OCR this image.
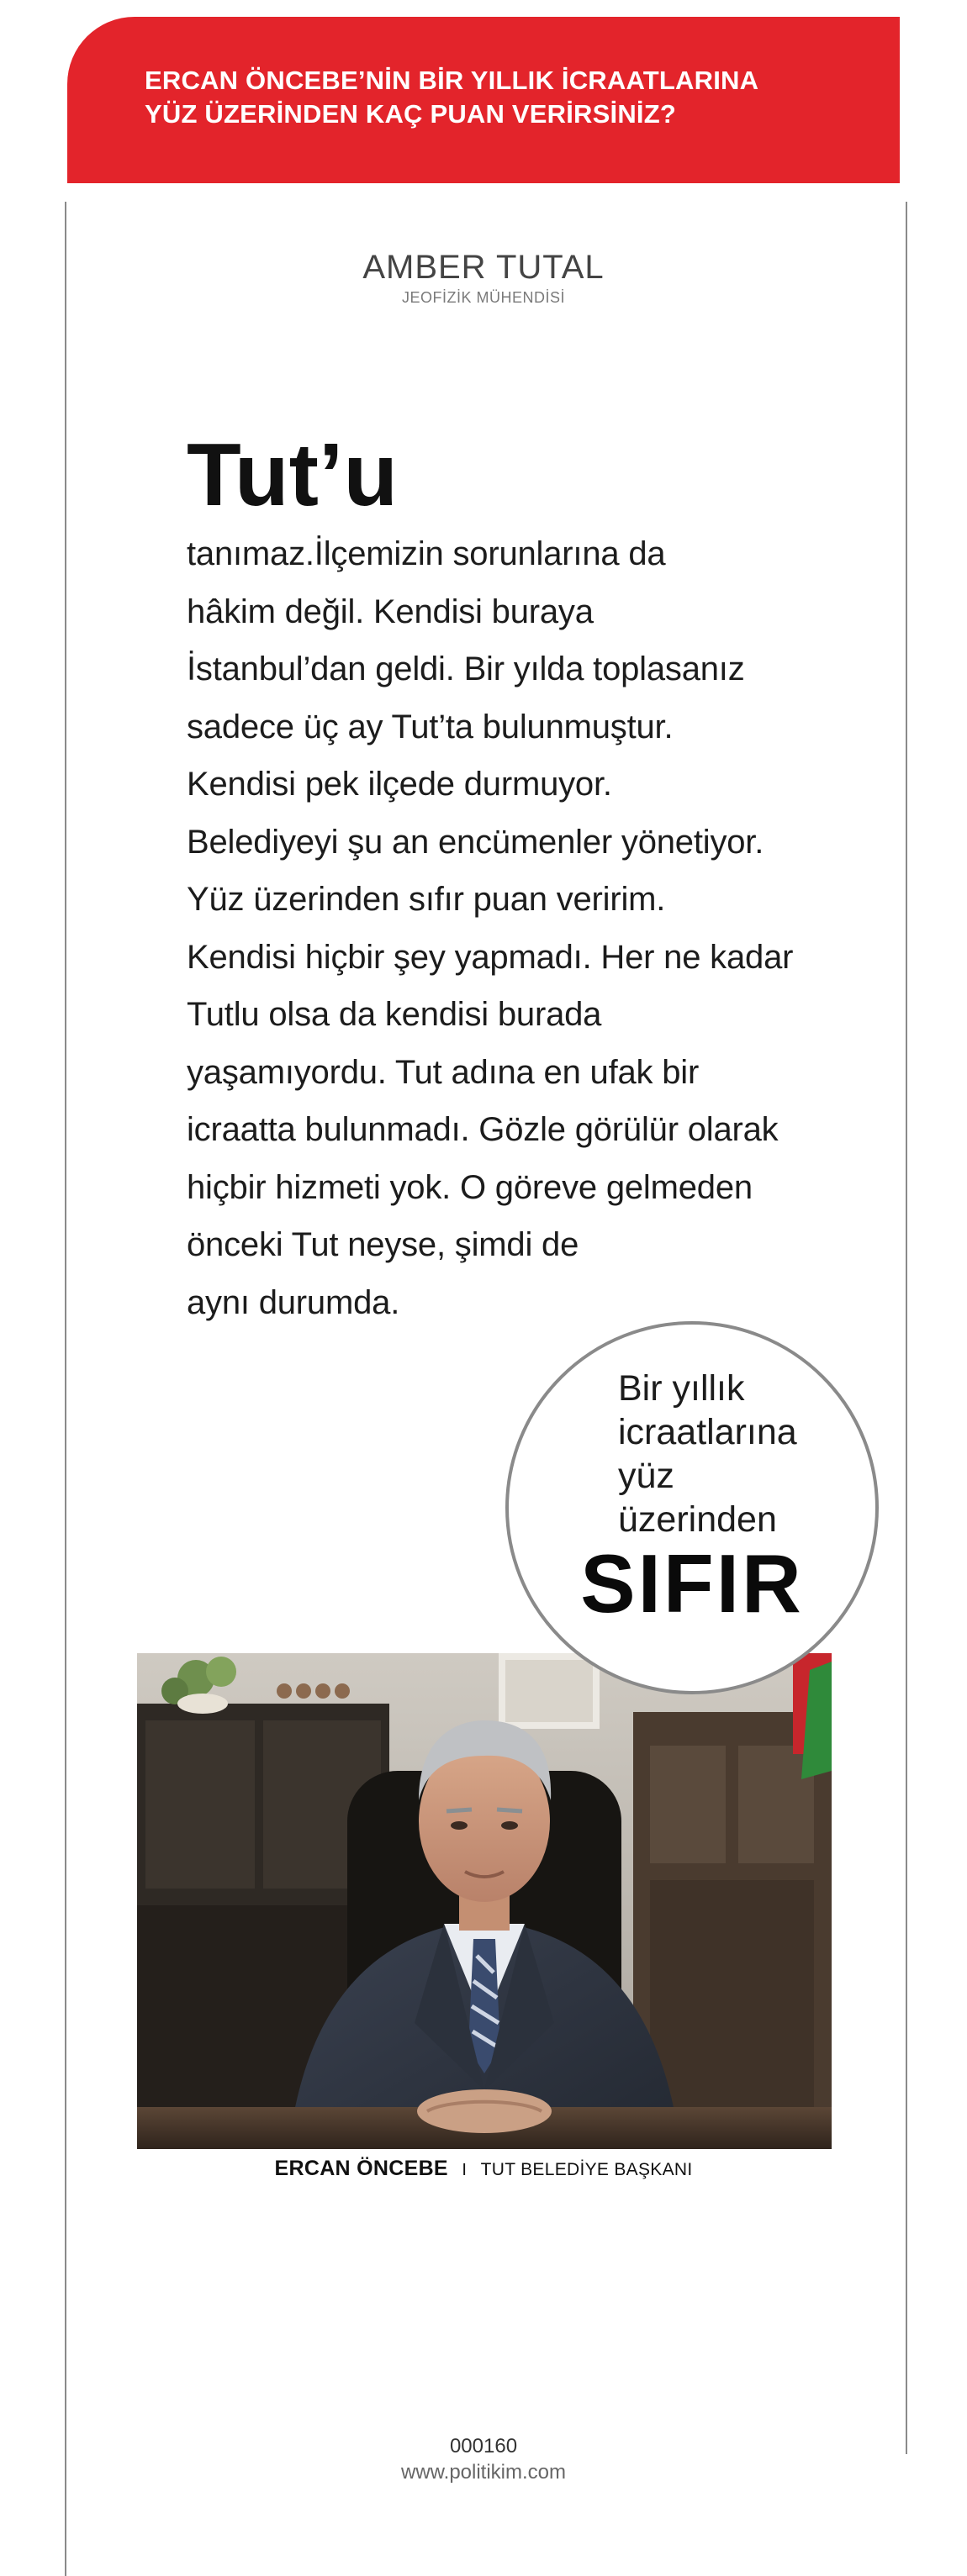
ERCAN ÖNCEBE’NİN BİR YILLIK İCRAATLARINA
YÜZ ÜZERİNDEN KAÇ PUAN VERİRSİNİZ?
AMBER TUTAL
JEOFİZİK MÜHENDİSİ

Tut’u

tanımaz.İlçemizin sorunlarına da
hâkim değil. Kendisi buraya
İstanbul’dan geldi. Bir yılda toplasanız
sadece üç ay Tut’ta bulunmuştur.
Kendisi pek ilçede durmuyor.
Belediyeyi şu an encümenler yönetiyor.
Yüz üzerinden sıfır puan veririm.
Kendisi hiçbir şey yapmadı. Her ne kadar
Tutlu olsa da kendisi burada
yaşamıyordu. Tut adına en ufak bir
icraatta bulunmadı. Gözle görülür olarak
hiçbir hizmeti yok. O göreve gelmeden
önceki Tut neyse, şimdi de
aynı durumda.

Bir yıllık
icraatlarına
yüz
üzerinden
SIFIR
ERCAN ÖNCEBE I TUT BELEDİYE BAŞKANI
000160
www.politikim.com
